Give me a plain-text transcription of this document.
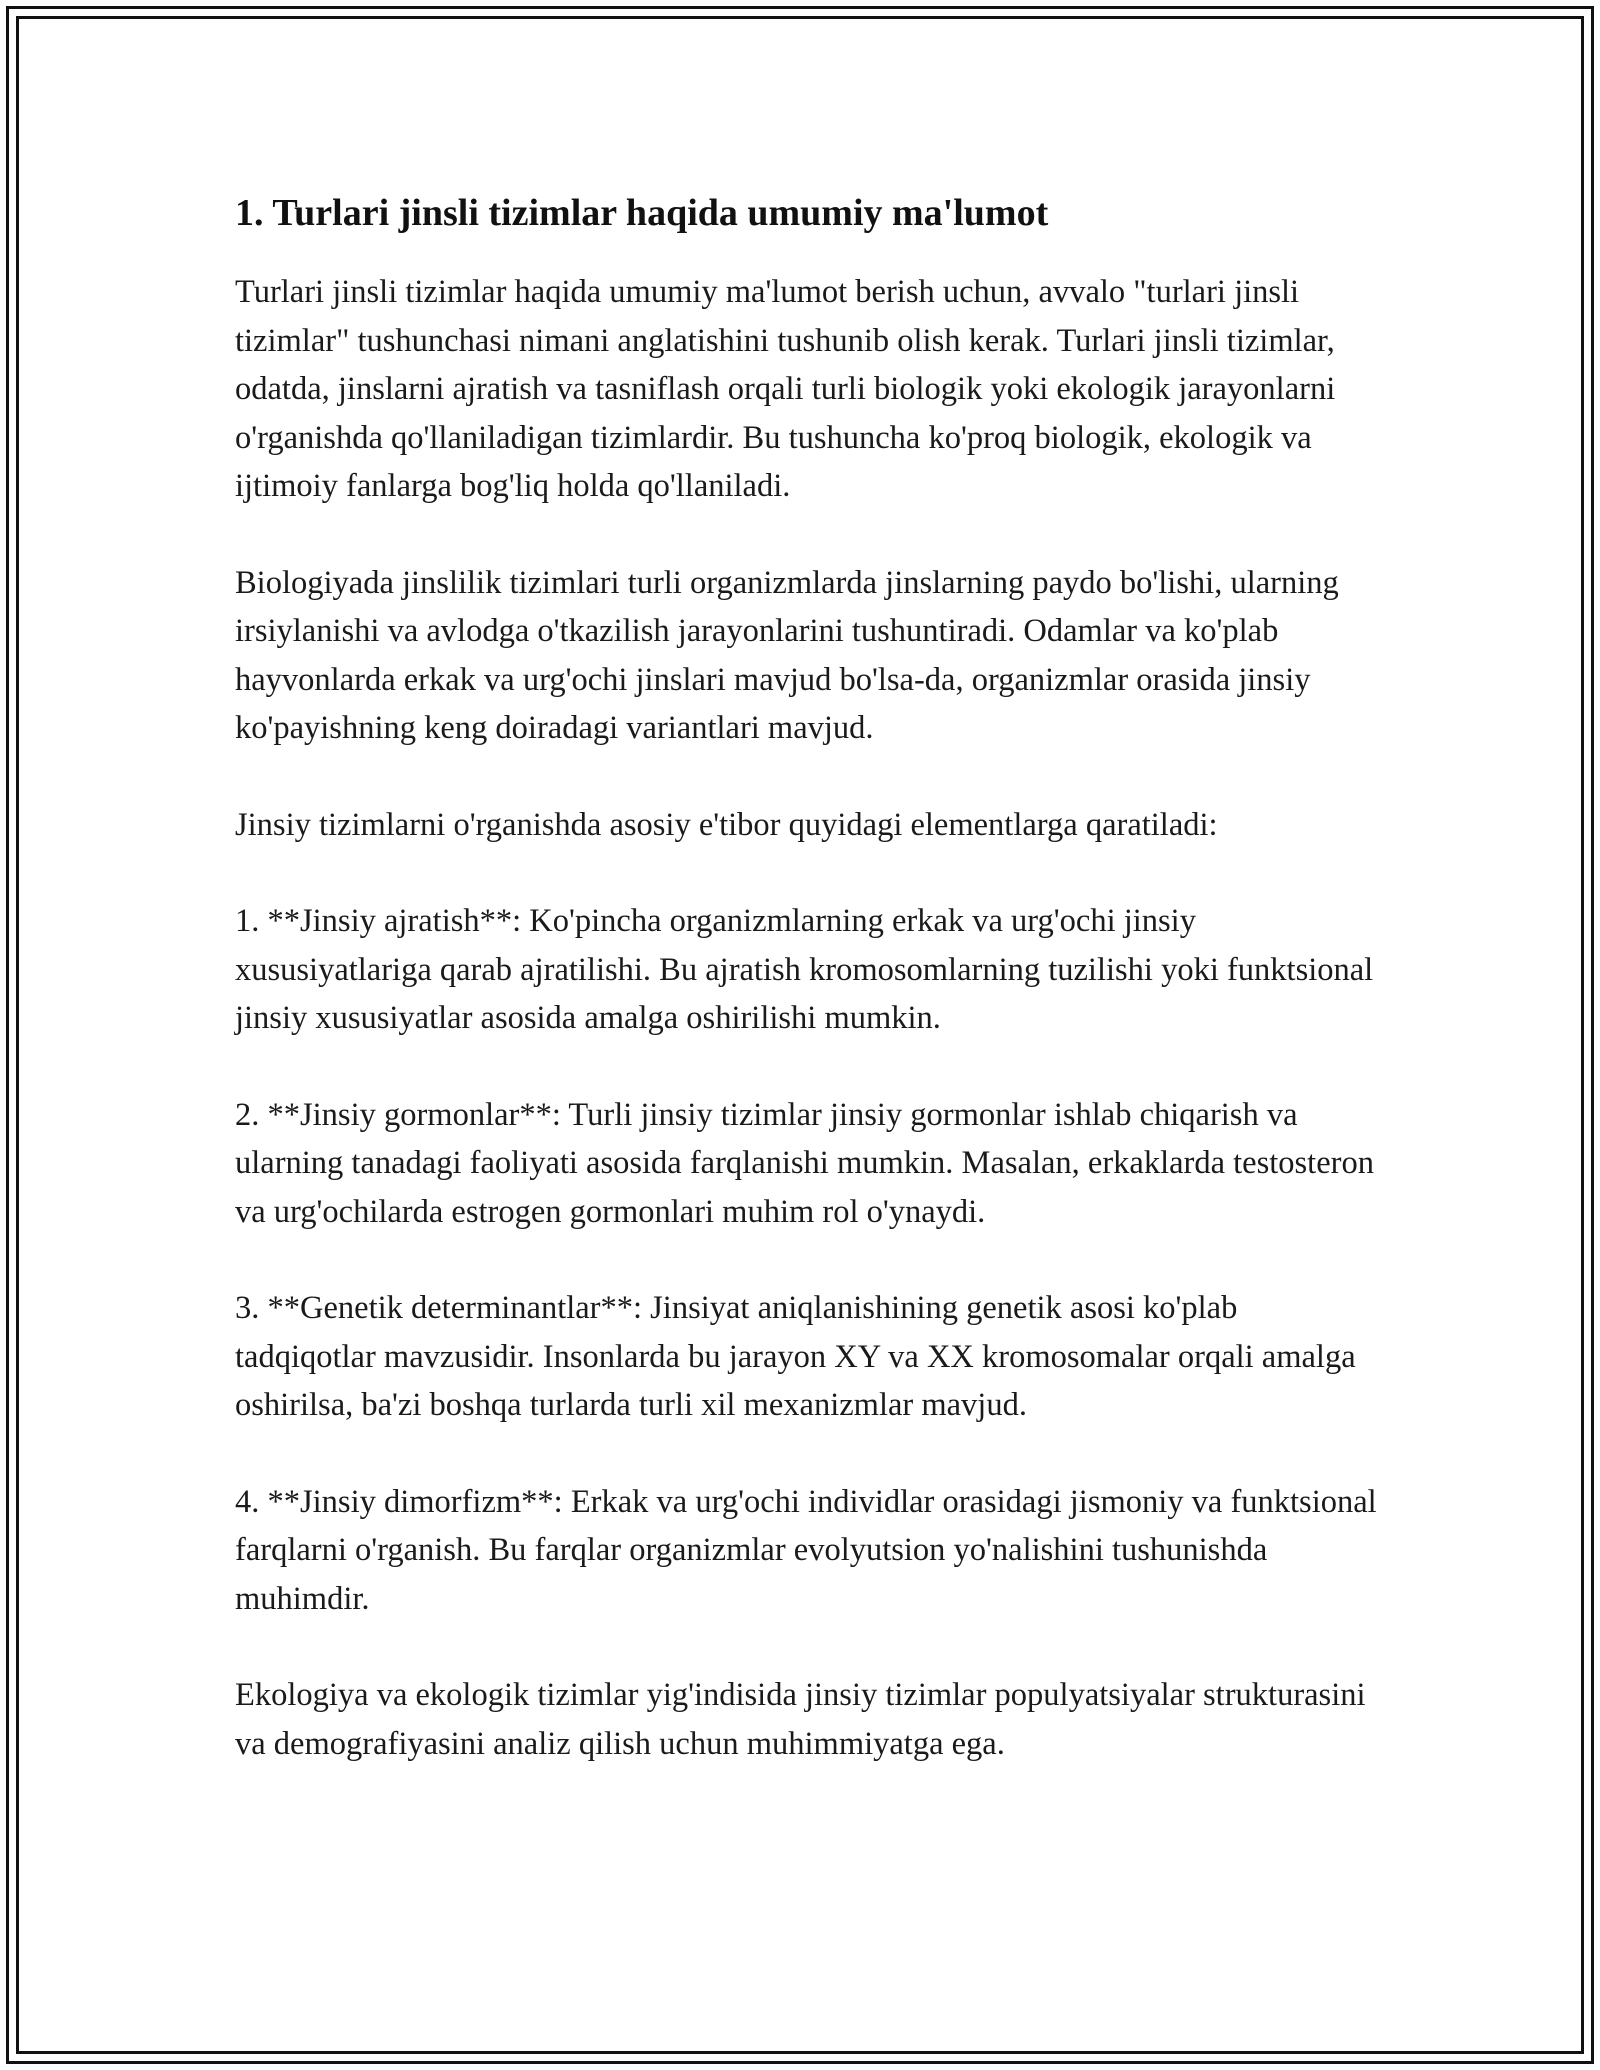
1. Turlari jinsli tizimlar haqida umumiy ma'lumot

Turlari jinsli tizimlar haqida umumiy ma'lumot berish uchun, avvalo "turlari jinsli tizimlar" tushunchasi nimani anglatishini tushunib olish kerak. Turlari jinsli tizimlar, odatda, jinslarni ajratish va tasniflash orqali turli biologik yoki ekologik jarayonlarni o'rganishda qo'llaniladigan tizimlardir. Bu tushuncha ko'proq biologik, ekologik va ijtimoiy fanlarga bog'liq holda qo'llaniladi.

Biologiyada jinslilik tizimlari turli organizmlarda jinslarning paydo bo'lishi, ularning irsiylanishi va avlodga o'tkazilish jarayonlarini tushuntiradi. Odamlar va ko'plab hayvonlarda erkak va urg'ochi jinslari mavjud bo'lsa-da, organizmlar orasida jinsiy ko'payishning keng doiradagi variantlari mavjud.

Jinsiy tizimlarni o'rganishda asosiy e'tibor quyidagi elementlarga qaratiladi:

1. **Jinsiy ajratish**: Ko'pincha organizmlarning erkak va urg'ochi jinsiy xususiyatlariga qarab ajratilishi. Bu ajratish kromosomlarning tuzilishi yoki funktsional jinsiy xususiyatlar asosida amalga oshirilishi mumkin.

2. **Jinsiy gormonlar**: Turli jinsiy tizimlar jinsiy gormonlar ishlab chiqarish va ularning tanadagi faoliyati asosida farqlanishi mumkin. Masalan, erkaklarda testosteron va urg'ochilarda estrogen gormonlari muhim rol o'ynaydi.

3. **Genetik determinantlar**: Jinsiyat aniqlanishining genetik asosi ko'plab tadqiqotlar mavzusidir. Insonlarda bu jarayon XY va XX kromosomalar orqali amalga oshirilsa, ba'zi boshqa turlarda turli xil mexanizmlar mavjud.

4. **Jinsiy dimorfizm**: Erkak va urg'ochi individlar orasidagi jismoniy va funktsional farqlarni o'rganish. Bu farqlar organizmlar evolyutsion yo'nalishini tushunishda muhimdir.

Ekologiya va ekologik tizimlar yig'indisida jinsiy tizimlar populyatsiyalar strukturasini va demografiyasini analiz qilish uchun muhimmiyatga ega.
